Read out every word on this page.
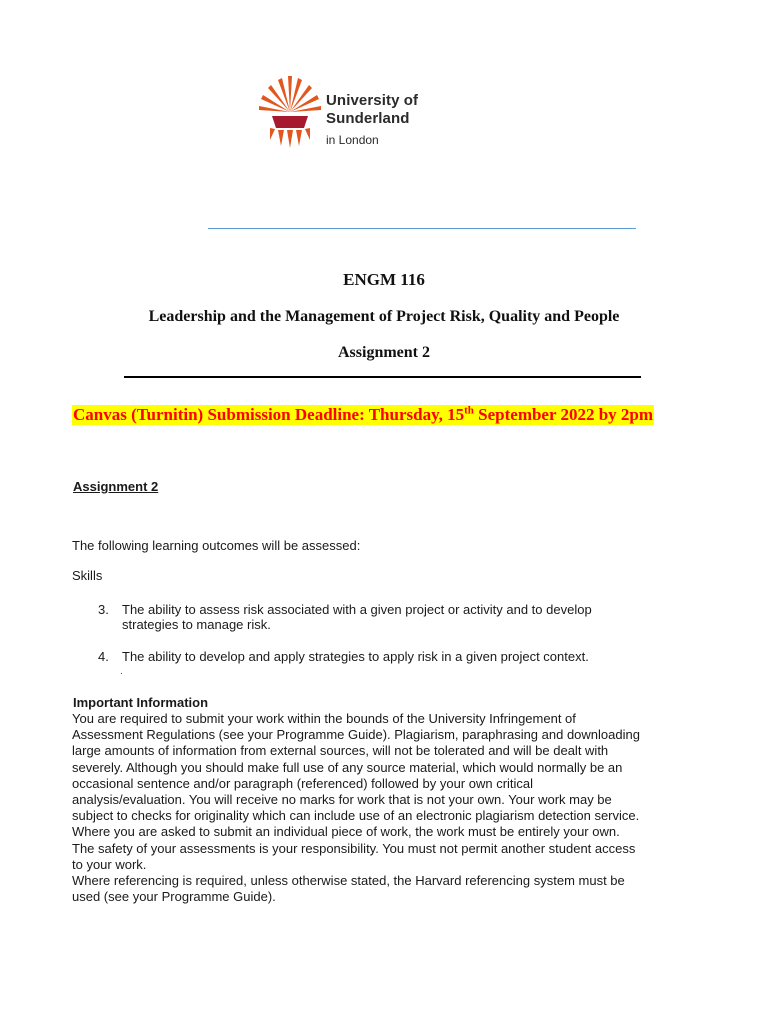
University of
Sunderland
in London
ENGM 116
Leadership and the Management of Project Risk, Quality and People
Assignment 2
Canvas (Turnitin) Submission Deadline: Thursday, 15th September 2022 by 2pm
Assignment 2
The following learning outcomes will be assessed:
Skills
3. The ability to assess risk associated with a given project or activity and to develop
strategies to manage risk.
4. The ability to develop and apply strategies to apply risk in a given project context.
.
Important Information
You are required to submit your work within the bounds of the University Infringement of
Assessment Regulations (see your Programme Guide). Plagiarism, paraphrasing and downloading
large amounts of information from external sources, will not be tolerated and will be dealt with
severely. Although you should make full use of any source material, which would normally be an
occasional sentence and/or paragraph (referenced) followed by your own critical
analysis/evaluation. You will receive no marks for work that is not your own. Your work may be
subject to checks for originality which can include use of an electronic plagiarism detection service.
Where you are asked to submit an individual piece of work, the work must be entirely your own.
The safety of your assessments is your responsibility. You must not permit another student access
to your work.
Where referencing is required, unless otherwise stated, the Harvard referencing system must be
used (see your Programme Guide).
